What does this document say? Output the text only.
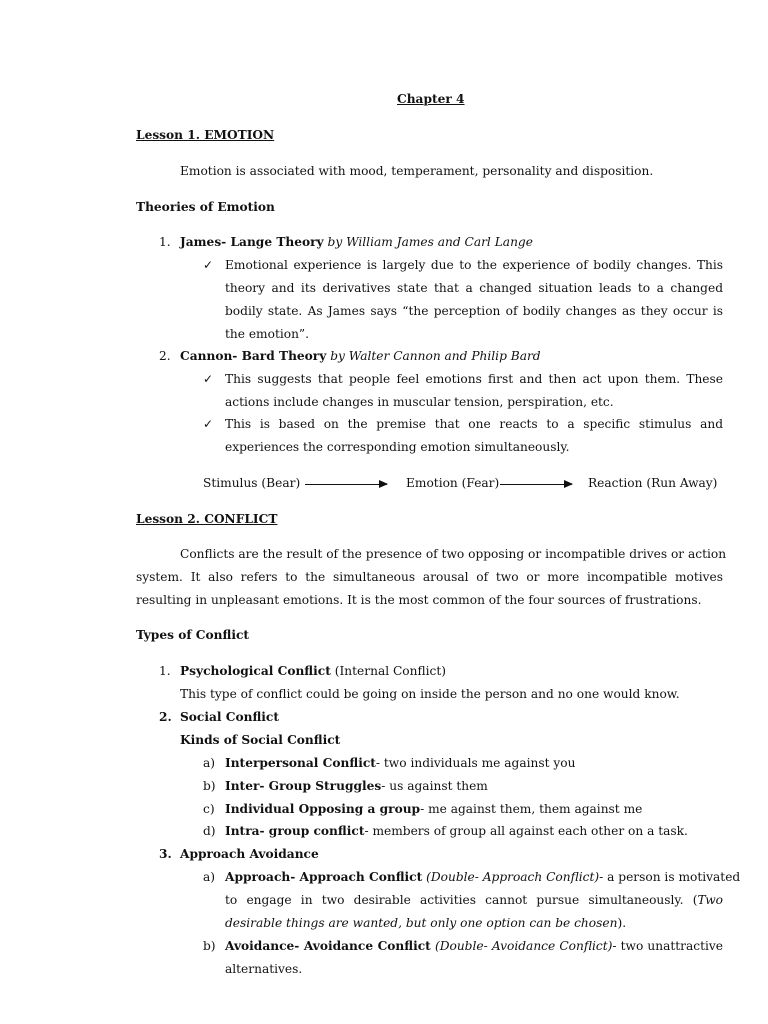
Chapter 4
Lesson 1. EMOTION
Emotion is associated with mood, temperament, personality and disposition.
Theories of Emotion
1. James- Lange Theory by William James and Carl Lange
✓ Emotional experience is largely due to the experience of bodily changes. This
theory and its derivatives state that a changed situation leads to a changed
bodily state. As James says “the perception of bodily changes as they occur is
the emotion”.
2. Cannon- Bard Theory by Walter Cannon and Philip Bard
✓ This suggests that people feel emotions first and then act upon them. These
actions include changes in muscular tension, perspiration, etc.
✓ This is based on the premise that one reacts to a specific stimulus and
experiences the corresponding emotion simultaneously.
Stimulus (Bear)	Emotion (Fear)	Reaction (Run Away)
Lesson 2. CONFLICT
Conflicts are the result of the presence of two opposing or incompatible drives or action
system. It also refers to the simultaneous arousal of two or more incompatible motives
resulting in unpleasant emotions. It is the most common of the four sources of frustrations.
Types of Conflict
1. Psychological Conflict (Internal Conflict)
This type of conflict could be going on inside the person and no one would know.
2. Social Conflict
Kinds of Social Conflict
a) Interpersonal Conflict- two individuals me against you
b) Inter- Group Struggles- us against them
c) Individual Opposing a group- me against them, them against me
d) Intra- group conflict- members of group all against each other on a task.
3. Approach Avoidance
a) Approach- Approach Conflict (Double- Approach Conflict)- a person is motivated
to engage in two desirable activities cannot pursue simultaneously. (Two
desirable things are wanted, but only one option can be chosen).
b) Avoidance- Avoidance Conflict (Double- Avoidance Conflict)- two unattractive
alternatives.
